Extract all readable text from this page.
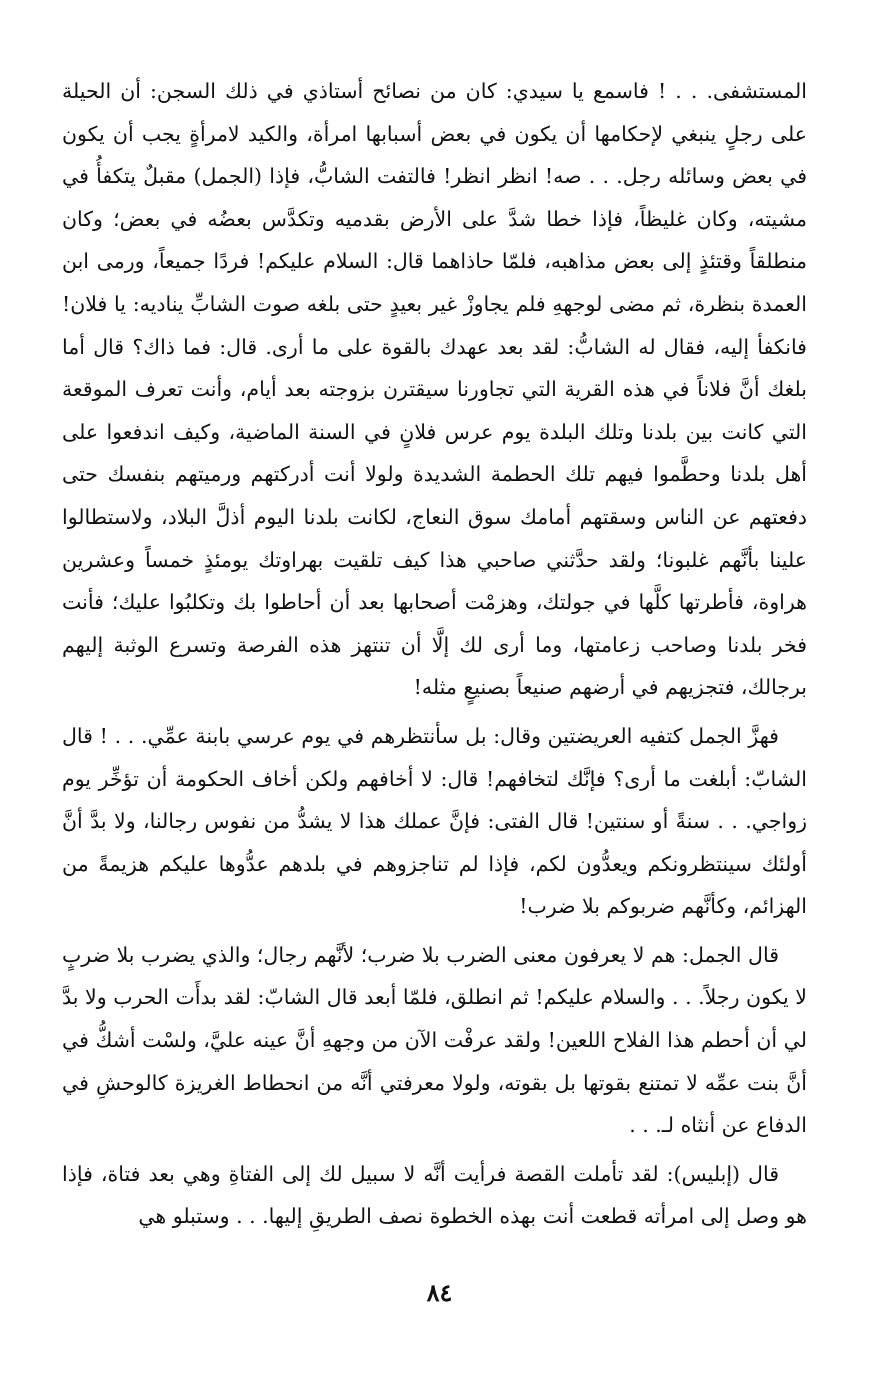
المستشفى. . . ! فاسمع يا سيدي: كان من نصائح أستاذي في ذلك السجن: أن الحيلة على رجلٍ ينبغي لإحكامها أن يكون في بعض أسبابها امرأة، والكيد لامرأةٍ يجب أن يكون في بعض وسائله رجل. . . صه! انظر انظر! فالتفت الشابُّ، فإذا (الجمل) مقبلٌ يتكفأُ في مشيته، وكان غليظاً، فإذا خطا شدَّ على الأرض بقدميه وتكدَّس بعضُه في بعض؛ وكان منطلقاً وقتئذٍ إلى بعض مذاهبه، فلمّا حاذاهما قال: السلام عليكم! فردًا جميعاً، ورمى ابن العمدة بنظرة، ثم مضى لوجههِ فلم يجاوزْ غير بعيدٍ حتى بلغه صوت الشابِّ يناديه: يا فلان! فانكفأ إليه، فقال له الشابُّ: لقد بعد عهدك بالقوة على ما أرى. قال: فما ذاك؟ قال أما بلغك أنَّ فلاناً في هذه القرية التي تجاورنا سيقترن بزوجته بعد أيام، وأنت تعرف الموقعة التي كانت بين بلدنا وتلك البلدة يوم عرس فلانٍ في السنة الماضية، وكيف اندفعوا على أهل بلدنا وحطَّموا فيهم تلك الحطمة الشديدة ولولا أنت أدركتهم ورميتهم بنفسك حتى دفعتهم عن الناس وسقتهم أمامك سوق النعاج، لكانت بلدنا اليوم أذلَّ البلاد، ولاستطالوا علينا بأنَّهم غلبونا؛ ولقد حدَّثني صاحبي هذا كيف تلقيت بهراوتك يومئذٍ خمساً وعشرين هراوة، فأطرتها كلَّها في جولتك، وهزمْت أصحابها بعد أن أحاطوا بك وتكلبُوا عليك؛ فأنت فخر بلدنا وصاحب زعامتها، وما أرى لك إلَّا أن تنتهز هذه الفرصة وتسرع الوثبة إليهم برجالك، فتجزيهم في أرضهم صنيعاً بصنيعٍ مثله!

فهزَّ الجمل كتفيه العريضتين وقال: بل سأنتظرهم في يوم عرسي بابنة عمِّي. . . ! قال الشابّ: أبلغت ما أرى؟ فإنَّك لتخافهم! قال: لا أخافهم ولكن أخاف الحكومة أن تؤخِّر يوم زواجي. . . سنةً أو سنتين! قال الفتى: فإنَّ عملك هذا لا يشدُّ من نفوس رجالنا، ولا بدَّ أنَّ أولئك سينتظرونكم ويعدُّون لكم، فإذا لم تناجزوهم في بلدهم عدُّوها عليكم هزيمةً من الهزائم، وكأنَّهم ضربوكم بلا ضرب!

قال الجمل: هم لا يعرفون معنى الضرب بلا ضرب؛ لأنَّهم رجال؛ والذي يضرب بلا ضربٍ لا يكون رجلاً. . . والسلام عليكم! ثم انطلق، فلمّا أبعد قال الشابّ: لقد بدأَت الحرب ولا بدَّ لي أن أحطم هذا الفلاح اللعين! ولقد عرفْت الآن من وجههِ أنَّ عينه عليَّ، ولسْت أشكُّ في أنَّ بنت عمِّه لا تمتنع بقوتها بل بقوته، ولولا معرفتي أنَّه من انحطاط الغريزة كالوحشِ في الدفاع عن أنثاه لـ. . .

قال (إبليس): لقد تأملت القصة فرأيت أنَّه لا سبيل لك إلى الفتاةِ وهي بعد فتاة، فإذا هو وصل إلى امرأته قطعت أنت بهذه الخطوة نصف الطريقِ إليها. . . وستبلو هي

٨٤
